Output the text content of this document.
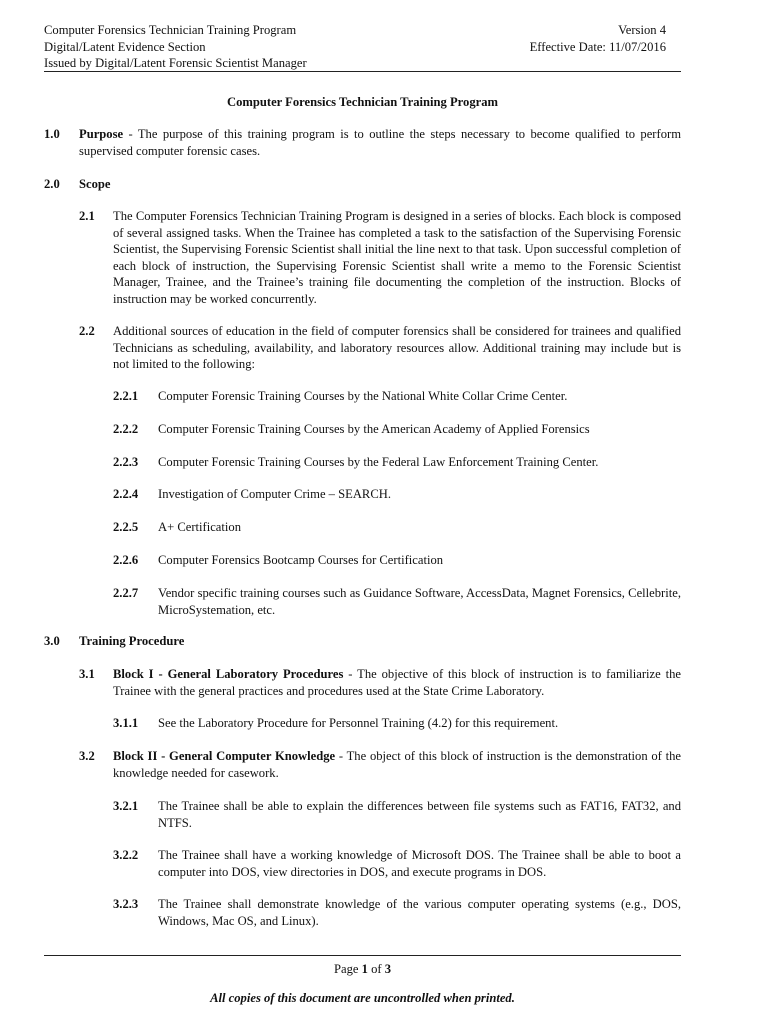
Computer Forensics Technician Training Program
Digital/Latent Evidence Section
Issued by Digital/Latent Forensic Scientist Manager
Version 4
Effective Date: 11/07/2016
Computer Forensics Technician Training Program
1.0 Purpose - The purpose of this training program is to outline the steps necessary to become qualified to perform supervised computer forensic cases.
2.0 Scope
2.1 The Computer Forensics Technician Training Program is designed in a series of blocks. Each block is composed of several assigned tasks. When the Trainee has completed a task to the satisfaction of the Supervising Forensic Scientist, the Supervising Forensic Scientist shall initial the line next to that task. Upon successful completion of each block of instruction, the Supervising Forensic Scientist shall write a memo to the Forensic Scientist Manager, Trainee, and the Trainee’s training file documenting the completion of the instruction. Blocks of instruction may be worked concurrently.
2.2 Additional sources of education in the field of computer forensics shall be considered for trainees and qualified Technicians as scheduling, availability, and laboratory resources allow. Additional training may include but is not limited to the following:
2.2.1 Computer Forensic Training Courses by the National White Collar Crime Center.
2.2.2 Computer Forensic Training Courses by the American Academy of Applied Forensics
2.2.3 Computer Forensic Training Courses by the Federal Law Enforcement Training Center.
2.2.4 Investigation of Computer Crime – SEARCH.
2.2.5 A+ Certification
2.2.6 Computer Forensics Bootcamp Courses for Certification
2.2.7 Vendor specific training courses such as Guidance Software, AccessData, Magnet Forensics, Cellebrite, MicroSystemation, etc.
3.0 Training Procedure
3.1 Block I - General Laboratory Procedures - The objective of this block of instruction is to familiarize the Trainee with the general practices and procedures used at the State Crime Laboratory.
3.1.1 See the Laboratory Procedure for Personnel Training (4.2) for this requirement.
3.2 Block II - General Computer Knowledge - The object of this block of instruction is the demonstration of the knowledge needed for casework.
3.2.1 The Trainee shall be able to explain the differences between file systems such as FAT16, FAT32, and NTFS.
3.2.2 The Trainee shall have a working knowledge of Microsoft DOS. The Trainee shall be able to boot a computer into DOS, view directories in DOS, and execute programs in DOS.
3.2.3 The Trainee shall demonstrate knowledge of the various computer operating systems (e.g., DOS, Windows, Mac OS, and Linux).
Page 1 of 3
All copies of this document are uncontrolled when printed.
